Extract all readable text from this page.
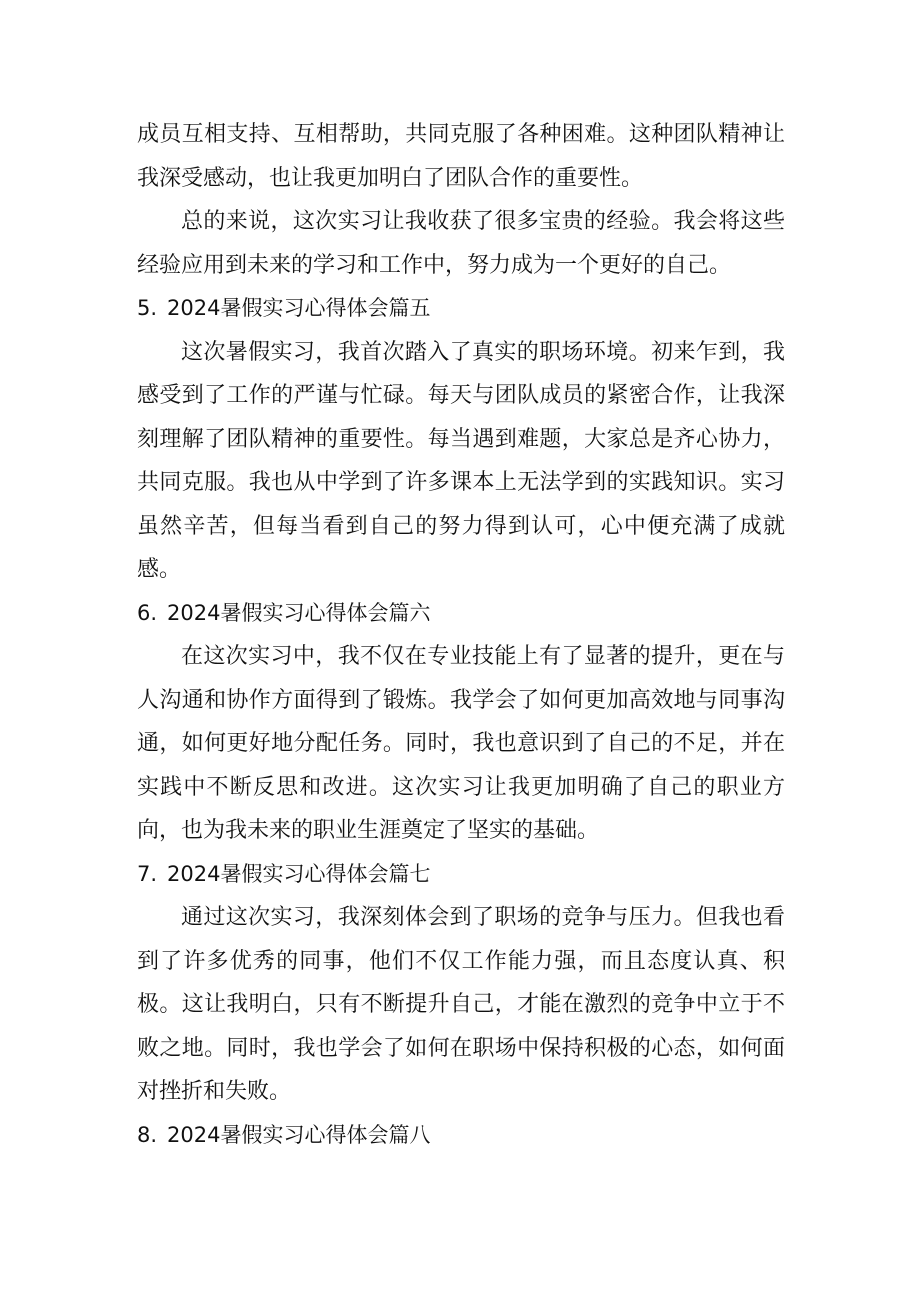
成员互相支持、互相帮助，共同克服了各种困难。这种团队精神让我深受感动，也让我更加明白了团队合作的重要性。

总的来说，这次实习让我收获了很多宝贵的经验。我会将这些经验应用到未来的学习和工作中，努力成为一个更好的自己。

5. 2024暑假实习心得体会篇五

这次暑假实习，我首次踏入了真实的职场环境。初来乍到，我感受到了工作的严谨与忙碌。每天与团队成员的紧密合作，让我深刻理解了团队精神的重要性。每当遇到难题，大家总是齐心协力，共同克服。我也从中学到了许多课本上无法学到的实践知识。实习虽然辛苦，但每当看到自己的努力得到认可，心中便充满了成就感。

6. 2024暑假实习心得体会篇六

在这次实习中，我不仅在专业技能上有了显著的提升，更在与人沟通和协作方面得到了锻炼。我学会了如何更加高效地与同事沟通，如何更好地分配任务。同时，我也意识到了自己的不足，并在实践中不断反思和改进。这次实习让我更加明确了自己的职业方向，也为我未来的职业生涯奠定了坚实的基础。

7. 2024暑假实习心得体会篇七

通过这次实习，我深刻体会到了职场的竞争与压力。但我也看到了许多优秀的同事，他们不仅工作能力强，而且态度认真、积极。这让我明白，只有不断提升自己，才能在激烈的竞争中立于不败之地。同时，我也学会了如何在职场中保持积极的心态，如何面对挫折和失败。

8. 2024暑假实习心得体会篇八
